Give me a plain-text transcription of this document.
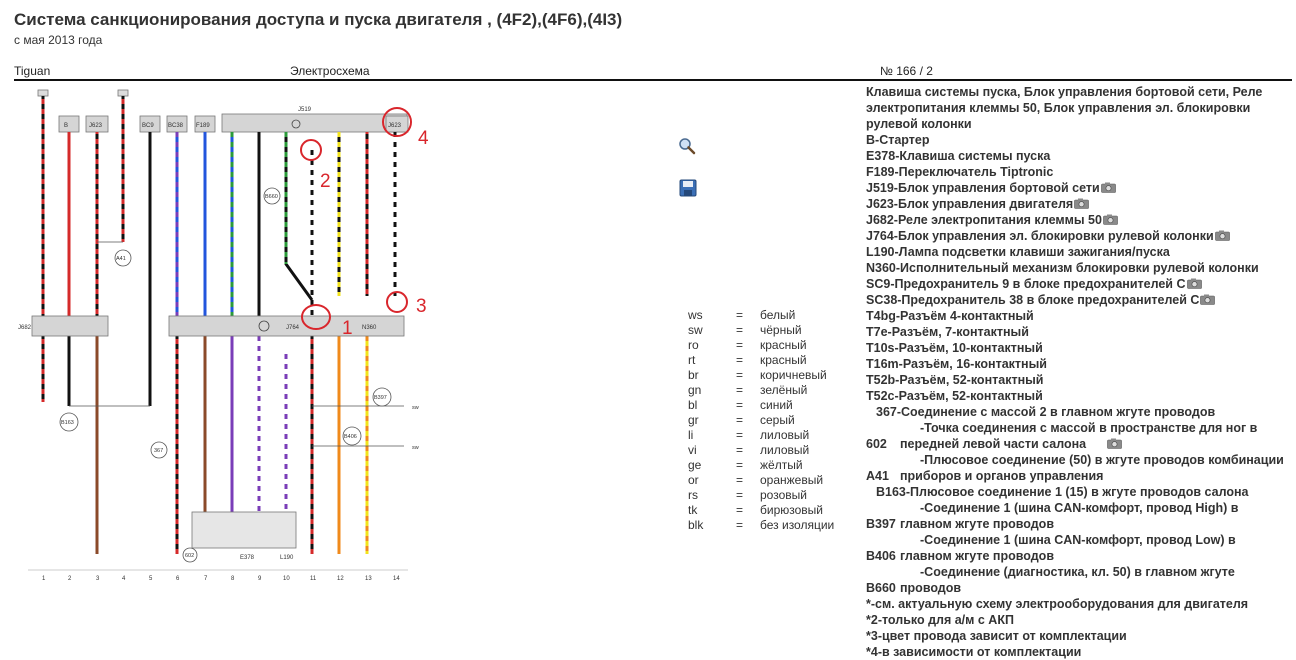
Система санкционирования доступа и пуска двигателя , (4F2),(4F6),(4I3)
с мая 2013 года
Tiguan	Электросхема	№ 166 / 2
B	J623	BC9 BC38 F189
J519
J623
J682	J764	N360
E378	L190
A41
B163
367
602
B397
B406
B660
sw
sw
1
2
3
4
1	2	3	4	5	6	7	8	9	10	11	12	13	14
ws	= белый
sw	= чёрный
ro	= красный
rt	= красный
br	= коричневый
gn	= зелёный
bl	= синий
gr	= серый
li	= лиловый
vi	= лиловый
ge	= жёлтый
or	= оранжевый
rs	= розовый
tk	= бирюзовый
blk	= без изоляции
Клавиша системы пуска, Блок управления бортовой сети, Реле электропитания клеммы 50, Блок управления эл. блокировки рулевой колонки
B-Стартер
E378-Клавиша системы пуска
F189-Переключатель Tiptronic
J519-Блок управления бортовой сети
J623-Блок управления двигателя
J682-Реле электропитания клеммы 50
J764-Блок управления эл. блокировки рулевой колонки
L190-Лампа подсветки клавиши зажигания/пуска
N360-Исполнительный механизм блокировки рулевой колонки
SC9-Предохранитель 9 в блоке предохранителей С
SC38-Предохранитель 38 в блоке предохранителей С
T4bg-Разъём 4-контактный
T7e-Разъём, 7-контактный
T10s-Разъём, 10-контактный
T16m-Разъём, 16-контактный
T52b-Разъём, 52-контактный
T52c-Разъём, 52-контактный
367-Соединение с массой 2 в главном жгуте проводов
602
-Точка соединения с массой в пространстве для ног в передней левой части салона
A41
-Плюсовое соединение (50) в жгуте проводов комбинации приборов и органов управления
B163-Плюсовое соединение 1 (15) в жгуте проводов салона
B397
-Соединение 1 (шина CAN-комфорт, провод High) в главном жгуте проводов
B406
-Соединение 1 (шина CAN-комфорт, провод Low) в главном жгуте проводов
B660
-Соединение (диагностика, кл. 50) в главном жгуте проводов
*-см. актуальную схему электрооборудования для двигателя
*2-только для а/м с АКП
*3-цвет провода зависит от комплектации
*4-в зависимости от комплектации
